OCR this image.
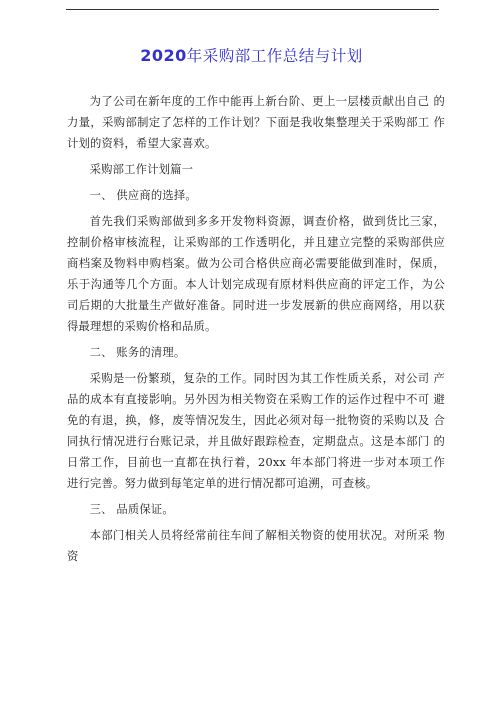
2020年采购部工作总结与计划

为了公司在新年度的工作中能再上新台阶、更上一层楼贡献出自己 的力量，采购部制定了怎样的工作计划？下面是我收集整理关于采购部工 作计划的资料，希望大家喜欢。

采购部工作计划篇一

一、 供应商的选择。

首先我们采购部做到多多开发物料资源，调查价格，做到货比三家，控制价格审核流程，让采购部的工作透明化，并且建立完整的采购部供应 商档案及物料申购档案。做为公司合格供应商必需要能做到准时，保质， 乐于沟通等几个方面。本人计划完成现有原材料供应商的评定工作，为公 司后期的大批量生产做好准备。同时进一步发展新的供应商网络，用以获 得最理想的采购价格和品质。

二、 账务的清理。

采购是一份繁琐，复杂的工作。同时因为其工作性质关系，对公司 产品的成本有直接影响。另外因为相关物资在采购工作的运作过程中不可 避免的有退，换，修，废等情况发生，因此必须对每一批物资的采购以及 合同执行情况进行台账记录，并且做好跟踪检查，定期盘点。这是本部门 的日常工作，目前也一直都在执行着，20xx 年本部门将进一步对本项工作 进行完善。努力做到每笔定单的进行情况都可追溯，可查核。

三、 品质保证。

本部门相关人员将经常前往车间了解相关物资的使用状况。对所采 物资
